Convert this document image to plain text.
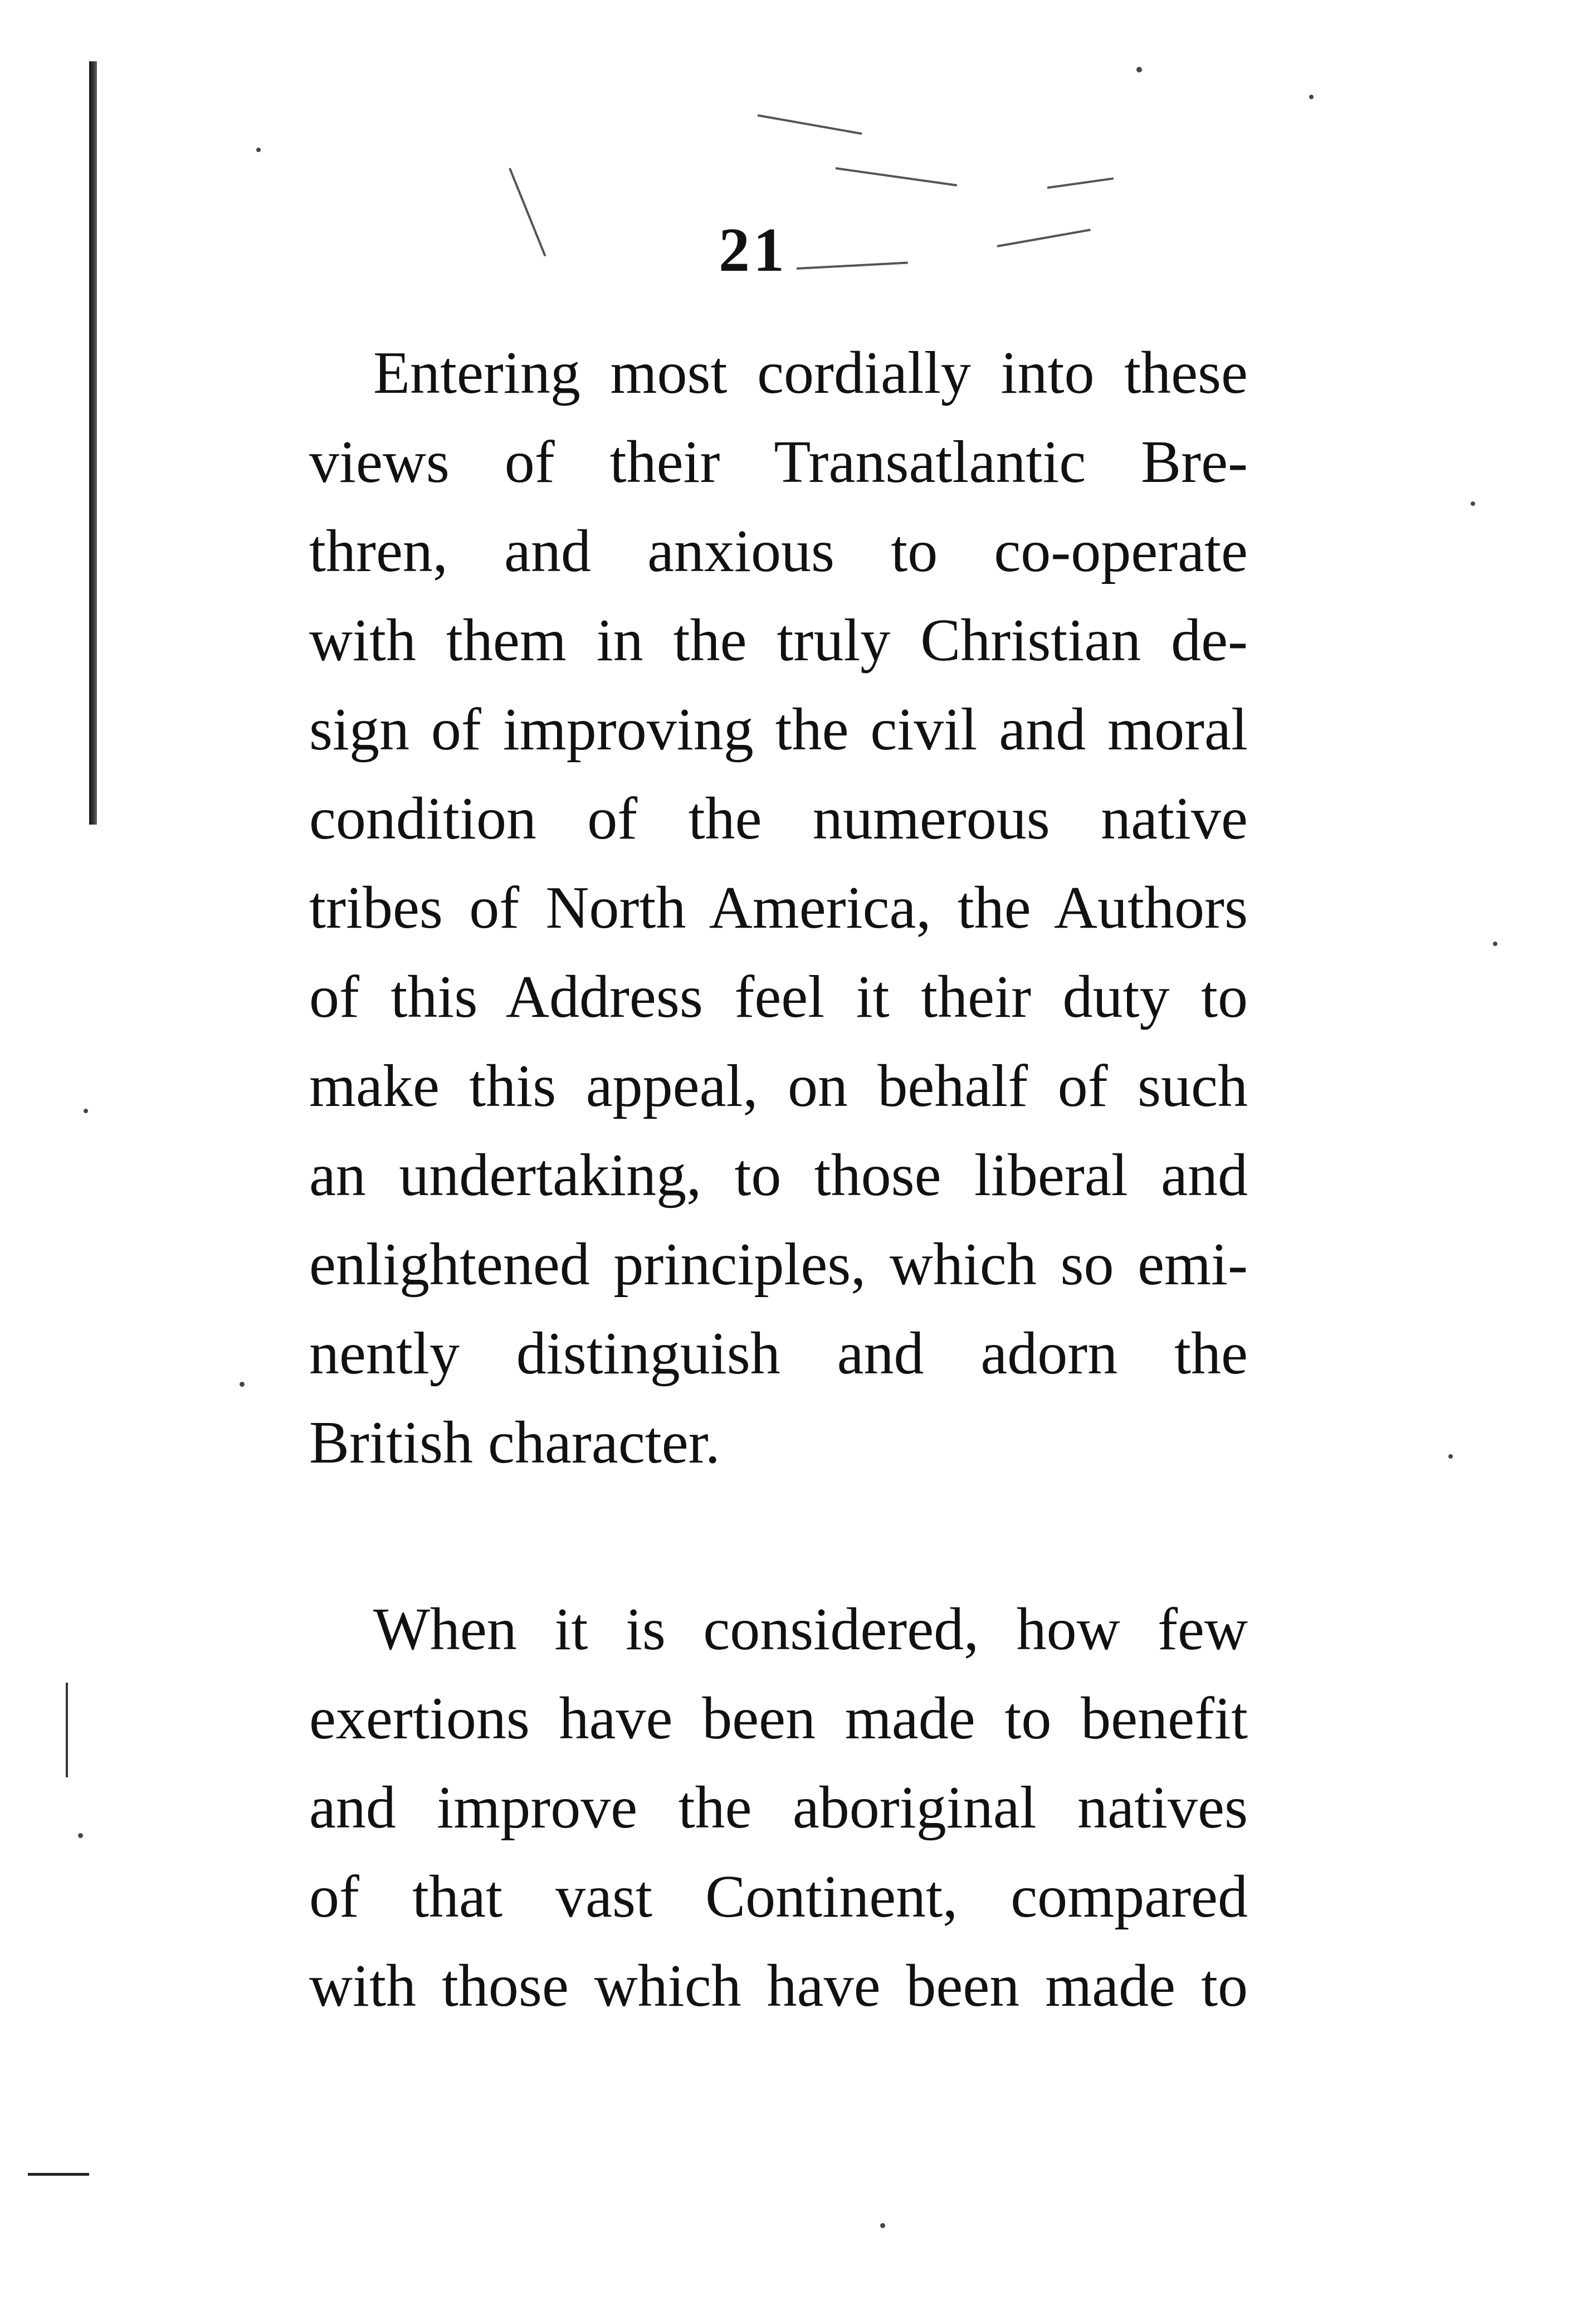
21
Entering most cordially into these
views of their Transatlantic Bre-
thren, and anxious to co-operate
with them in the truly Christian de-
sign of improving the civil and moral
condition of the numerous native
tribes of North America, the Authors
of this Address feel it their duty to
make this appeal, on behalf of such
an undertaking, to those liberal and
enlightened principles, which so emi-
nently distinguish and adorn the
British character.
When it is considered, how few
exertions have been made to benefit
and improve the aboriginal natives
of that vast Continent, compared
with those which have been made to
